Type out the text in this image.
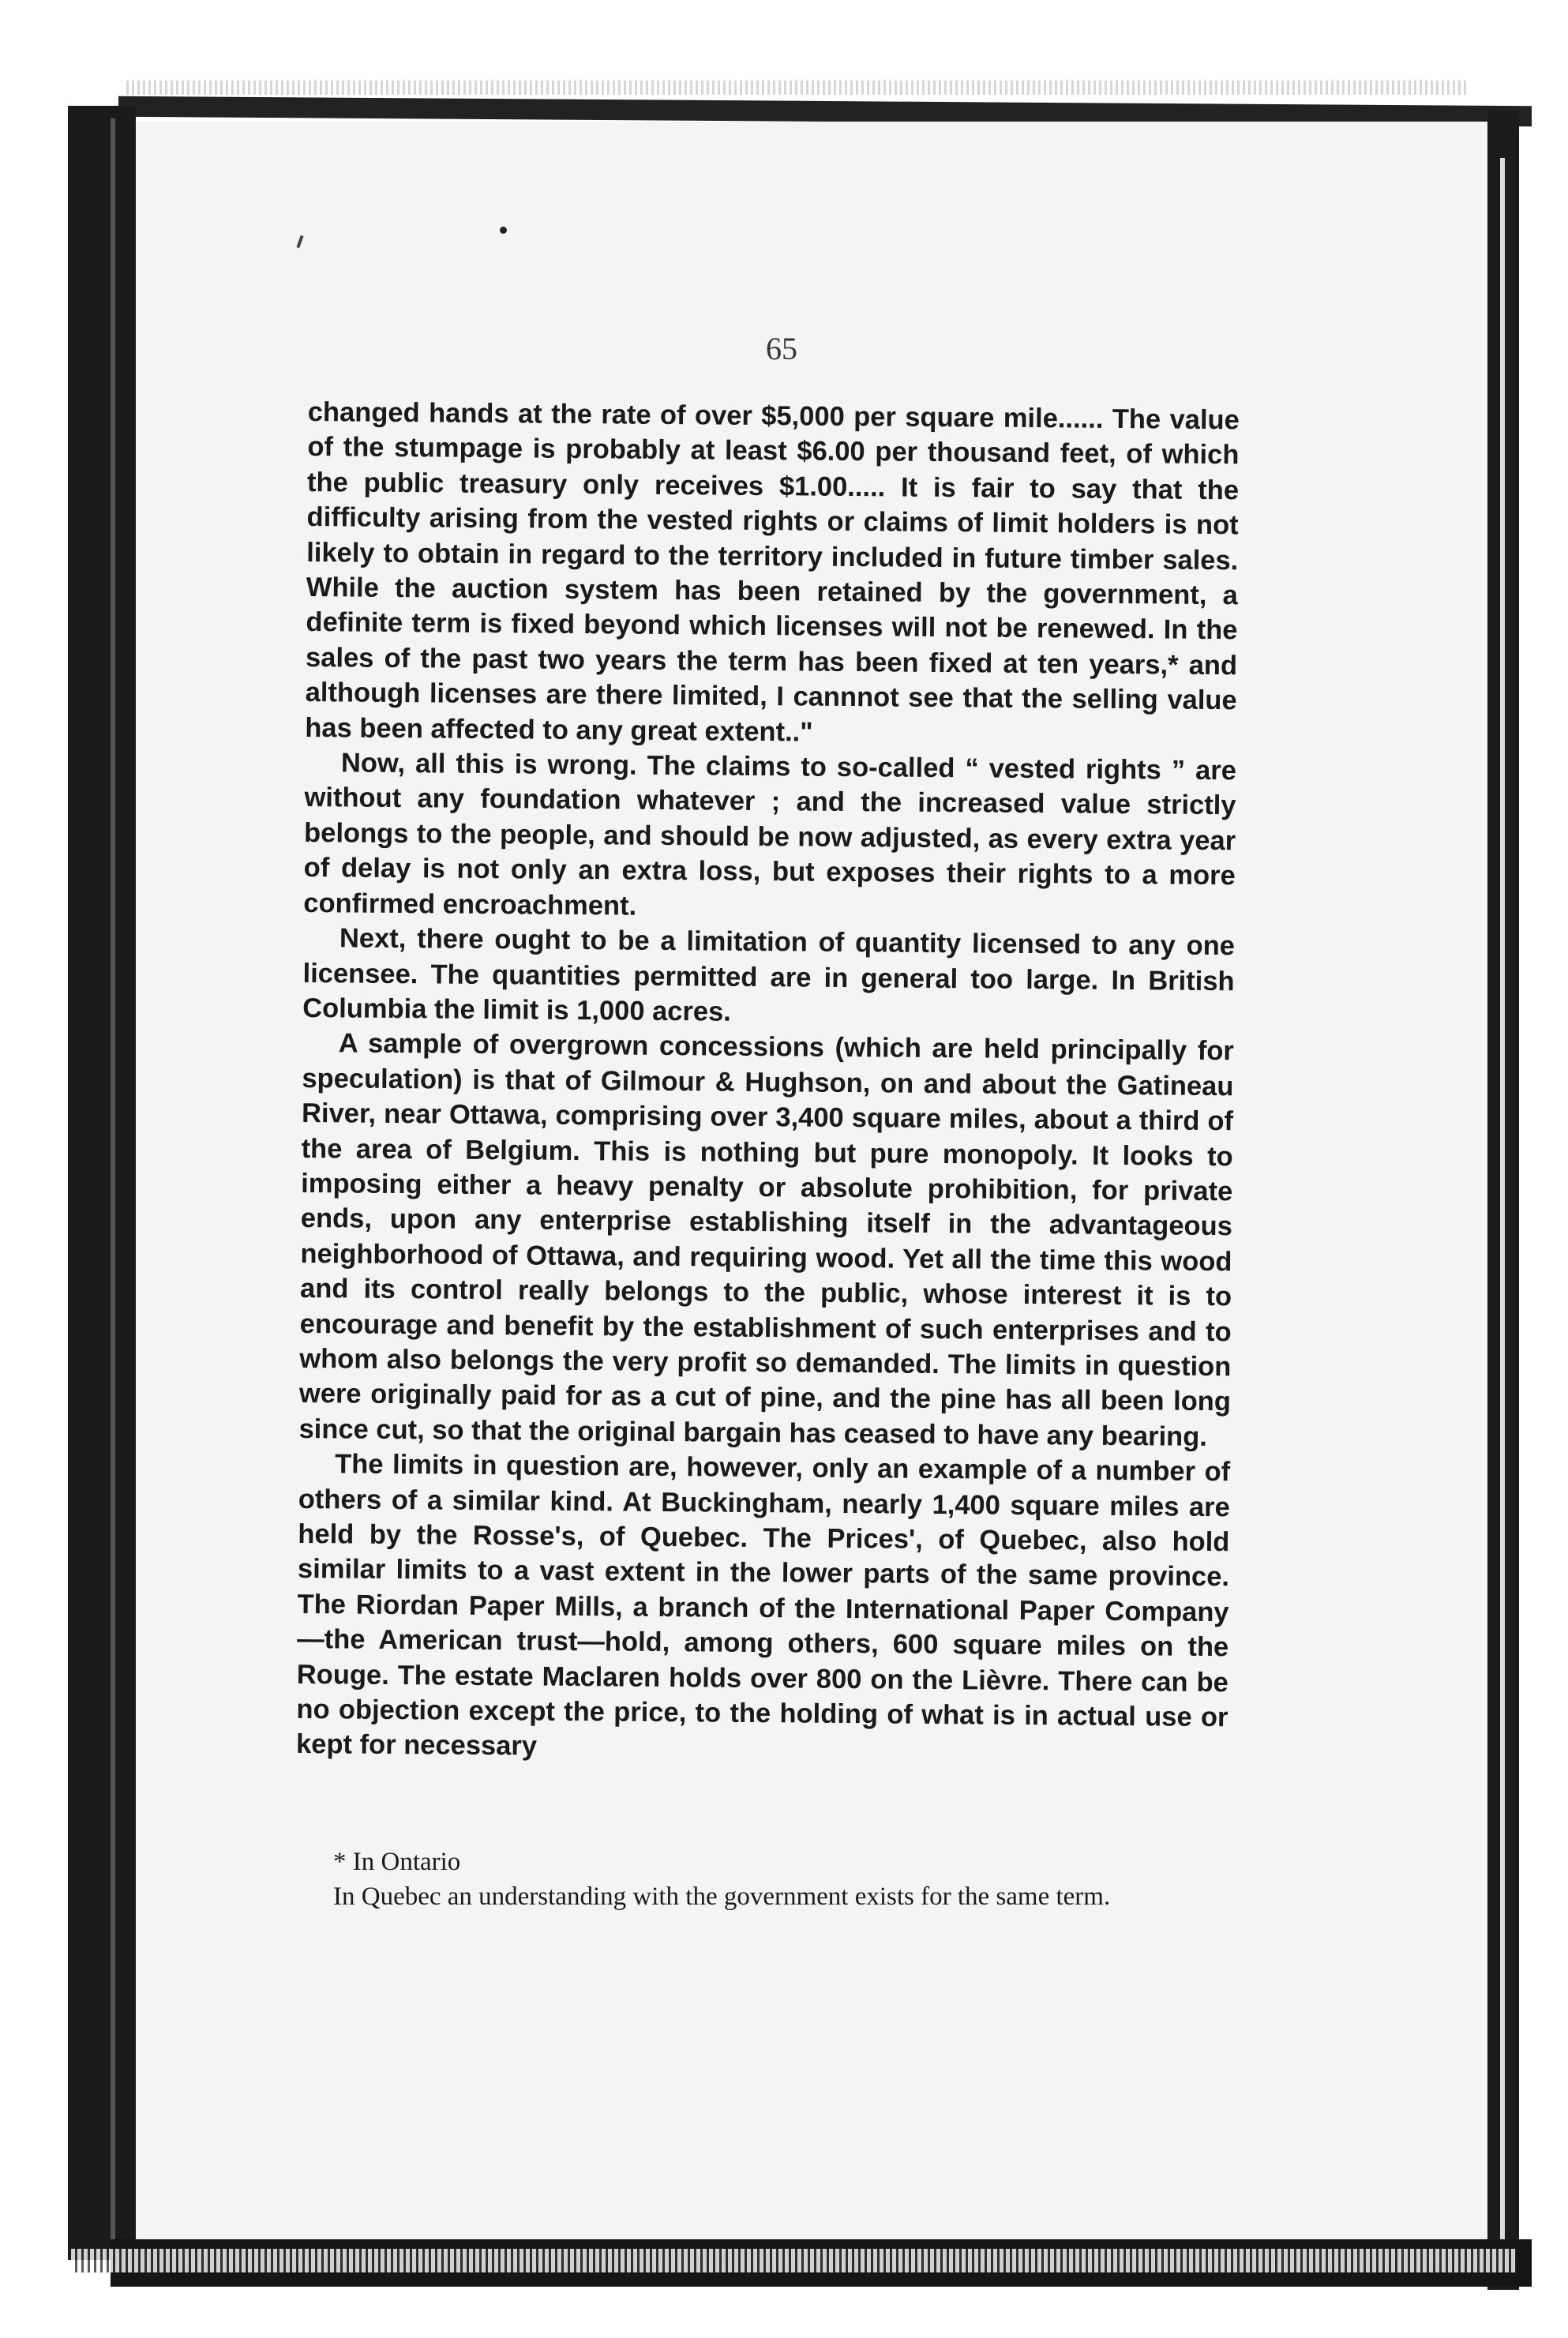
65

changed hands at the rate of over $5,000 per square mile...... The value of the stumpage is probably at least $6.00 per thousand feet, of which the public treasury only receives $1.00..... It is fair to say that the difficulty arising from the vested rights or claims of limit holders is not likely to obtain in regard to the territory included in future timber sales. While the auction system has been retained by the government, a definite term is fixed beyond which licenses will not be renewed. In the sales of the past two years the term has been fixed at ten years,* and although licenses are there limited, I cannnot see that the selling value has been affected to any great extent.."

Now, all this is wrong. The claims to so-called “ vested rights ” are without any foundation whatever ; and the increased value strictly belongs to the people, and should be now adjusted, as every extra year of delay is not only an extra loss, but exposes their rights to a more confirmed encroachment.

Next, there ought to be a limitation of quantity licensed to any one licensee. The quantities permitted are in general too large. In British Columbia the limit is 1,000 acres.

A sample of overgrown concessions (which are held principally for speculation) is that of Gilmour & Hughson, on and about the Gatineau River, near Ottawa, comprising over 3,400 square miles, about a third of the area of Belgium. This is nothing but pure monopoly. It looks to imposing either a heavy penalty or absolute prohibition, for private ends, upon any enterprise establishing itself in the advantageous neighborhood of Ottawa, and requiring wood. Yet all the time this wood and its control really belongs to the public, whose interest it is to encourage and benefit by the establishment of such enterprises and to whom also belongs the very profit so demanded. The limits in question were originally paid for as a cut of pine, and the pine has all been long since cut, so that the original bargain has ceased to have any bearing.

The limits in question are, however, only an example of a number of others of a similar kind. At Buckingham, nearly 1,400 square miles are held by the Rosse's, of Quebec. The Prices', of Quebec, also hold similar limits to a vast extent in the lower parts of the same province. The Riordan Paper Mills, a branch of the International Paper Company—the American trust—hold, among others, 600 square miles on the Rouge. The estate Maclaren holds over 800 on the Lièvre. There can be no objection except the price, to the holding of what is in actual use or kept for necessary

* In Ontario

In Quebec an understanding with the government exists for the same term.
